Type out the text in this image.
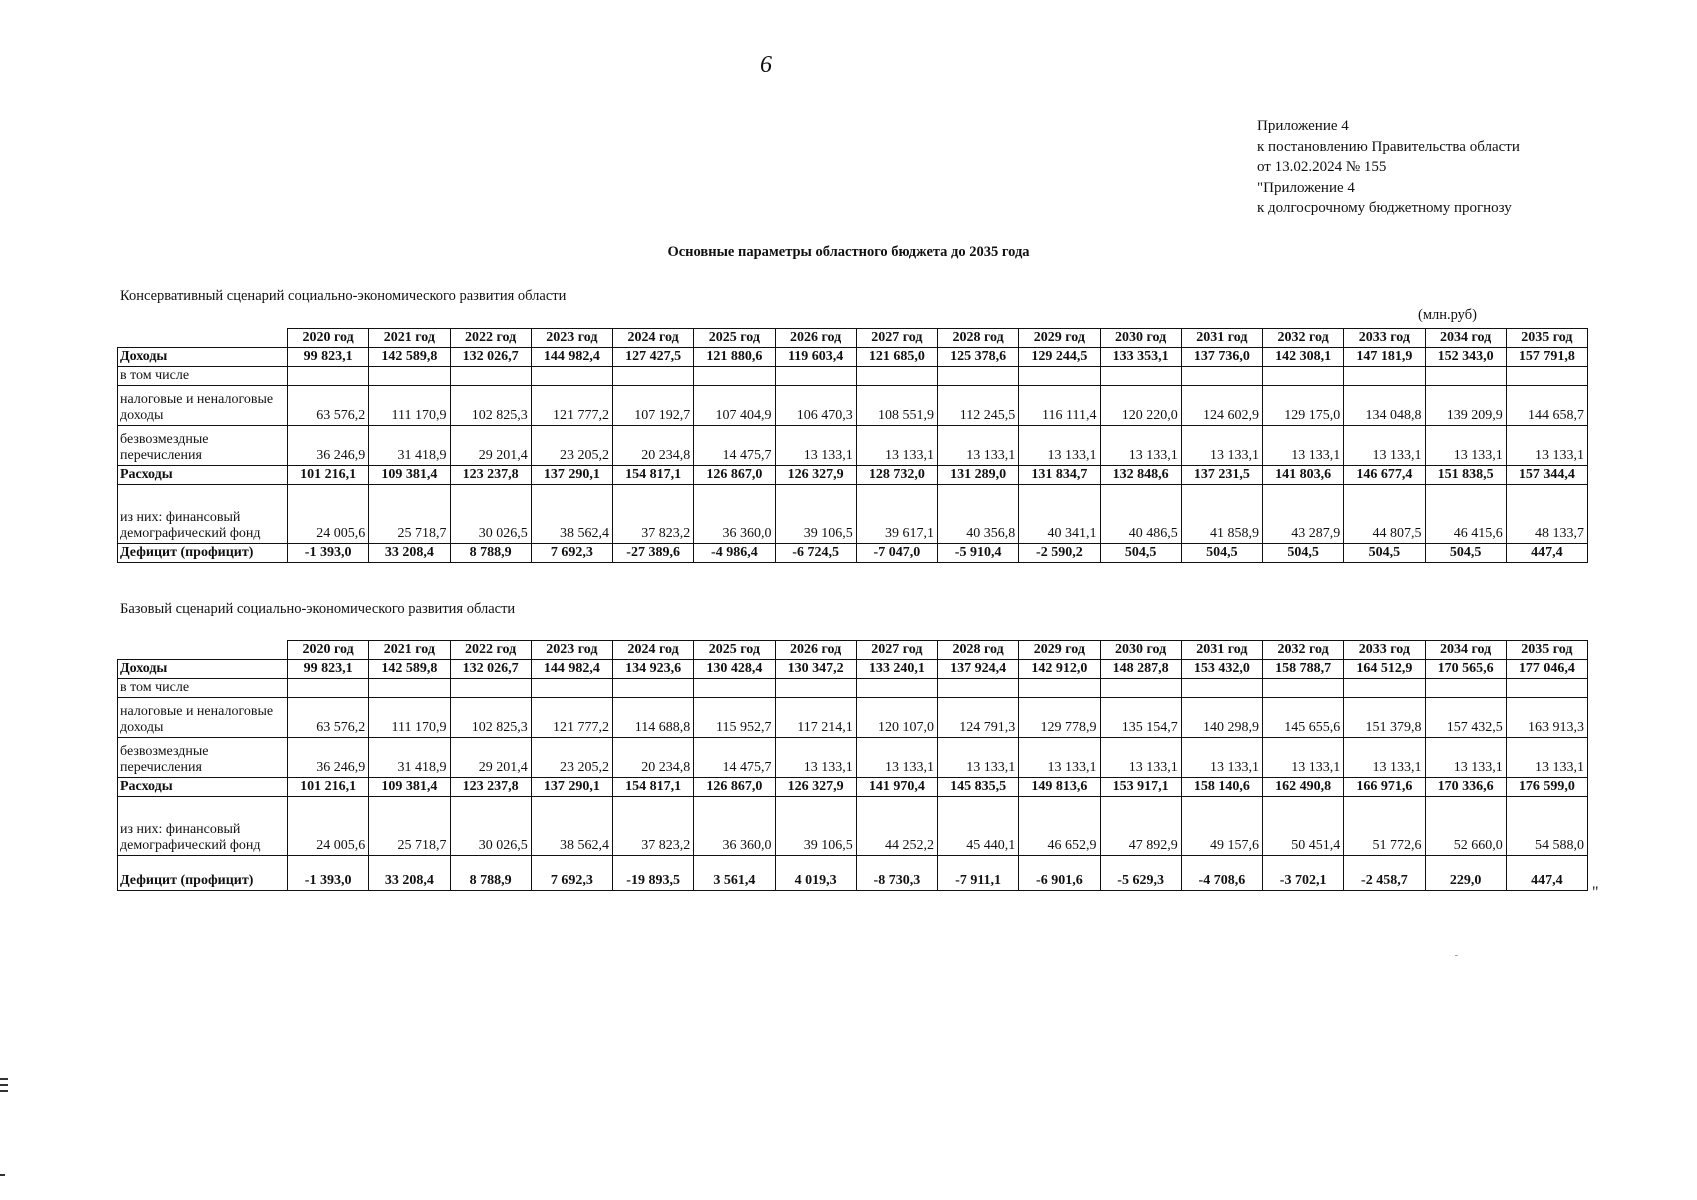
6
Приложение 4
к постановлению Правительства области
от 13.02.2024 № 155
"Приложение 4
к долгосрочному бюджетному прогнозу
Основные параметры областного бюджета до 2035 года
Консервативный сценарий социально-экономического развития области
(млн.руб)
	2020 год	2021 год	2022 год	2023 год	2024 год	2025 год	2026 год	2027 год	2028 год	2029 год	2030 год	2031 год	2032 год	2033 год	2034 год	2035 год
Доходы	99 823,1	142 589,8	132 026,7	144 982,4	127 427,5	121 880,6	119 603,4	121 685,0	125 378,6	129 244,5	133 353,1	137 736,0	142 308,1	147 181,9	152 343,0	157 791,8
в том числе																
налоговые и неналоговые доходы	63 576,2	111 170,9	102 825,3	121 777,2	107 192,7	107 404,9	106 470,3	108 551,9	112 245,5	116 111,4	120 220,0	124 602,9	129 175,0	134 048,8	139 209,9	144 658,7
безвозмездные перечисления	36 246,9	31 418,9	29 201,4	23 205,2	20 234,8	14 475,7	13 133,1	13 133,1	13 133,1	13 133,1	13 133,1	13 133,1	13 133,1	13 133,1	13 133,1	13 133,1
Расходы	101 216,1	109 381,4	123 237,8	137 290,1	154 817,1	126 867,0	126 327,9	128 732,0	131 289,0	131 834,7	132 848,6	137 231,5	141 803,6	146 677,4	151 838,5	157 344,4
из них: финансовый демографический фонд	24 005,6	25 718,7	30 026,5	38 562,4	37 823,2	36 360,0	39 106,5	39 617,1	40 356,8	40 341,1	40 486,5	41 858,9	43 287,9	44 807,5	46 415,6	48 133,7
Дефицит (профицит)	-1 393,0	33 208,4	8 788,9	7 692,3	-27 389,6	-4 986,4	-6 724,5	-7 047,0	-5 910,4	-2 590,2	504,5	504,5	504,5	504,5	504,5	447,4
Базовый сценарий социально-экономического развития области
	2020 год	2021 год	2022 год	2023 год	2024 год	2025 год	2026 год	2027 год	2028 год	2029 год	2030 год	2031 год	2032 год	2033 год	2034 год	2035 год
Доходы	99 823,1	142 589,8	132 026,7	144 982,4	134 923,6	130 428,4	130 347,2	133 240,1	137 924,4	142 912,0	148 287,8	153 432,0	158 788,7	164 512,9	170 565,6	177 046,4
в том числе																
налоговые и неналоговые доходы	63 576,2	111 170,9	102 825,3	121 777,2	114 688,8	115 952,7	117 214,1	120 107,0	124 791,3	129 778,9	135 154,7	140 298,9	145 655,6	151 379,8	157 432,5	163 913,3
безвозмездные перечисления	36 246,9	31 418,9	29 201,4	23 205,2	20 234,8	14 475,7	13 133,1	13 133,1	13 133,1	13 133,1	13 133,1	13 133,1	13 133,1	13 133,1	13 133,1	13 133,1
Расходы	101 216,1	109 381,4	123 237,8	137 290,1	154 817,1	126 867,0	126 327,9	141 970,4	145 835,5	149 813,6	153 917,1	158 140,6	162 490,8	166 971,6	170 336,6	176 599,0
из них: финансовый демографический фонд	24 005,6	25 718,7	30 026,5	38 562,4	37 823,2	36 360,0	39 106,5	44 252,2	45 440,1	46 652,9	47 892,9	49 157,6	50 451,4	51 772,6	52 660,0	54 588,0
Дефицит (профицит)	-1 393,0	33 208,4	8 788,9	7 692,3	-19 893,5	3 561,4	4 019,3	-8 730,3	-7 911,1	-6 901,6	-5 629,3	-4 708,6	-3 702,1	-2 458,7	229,0	447,4
"
